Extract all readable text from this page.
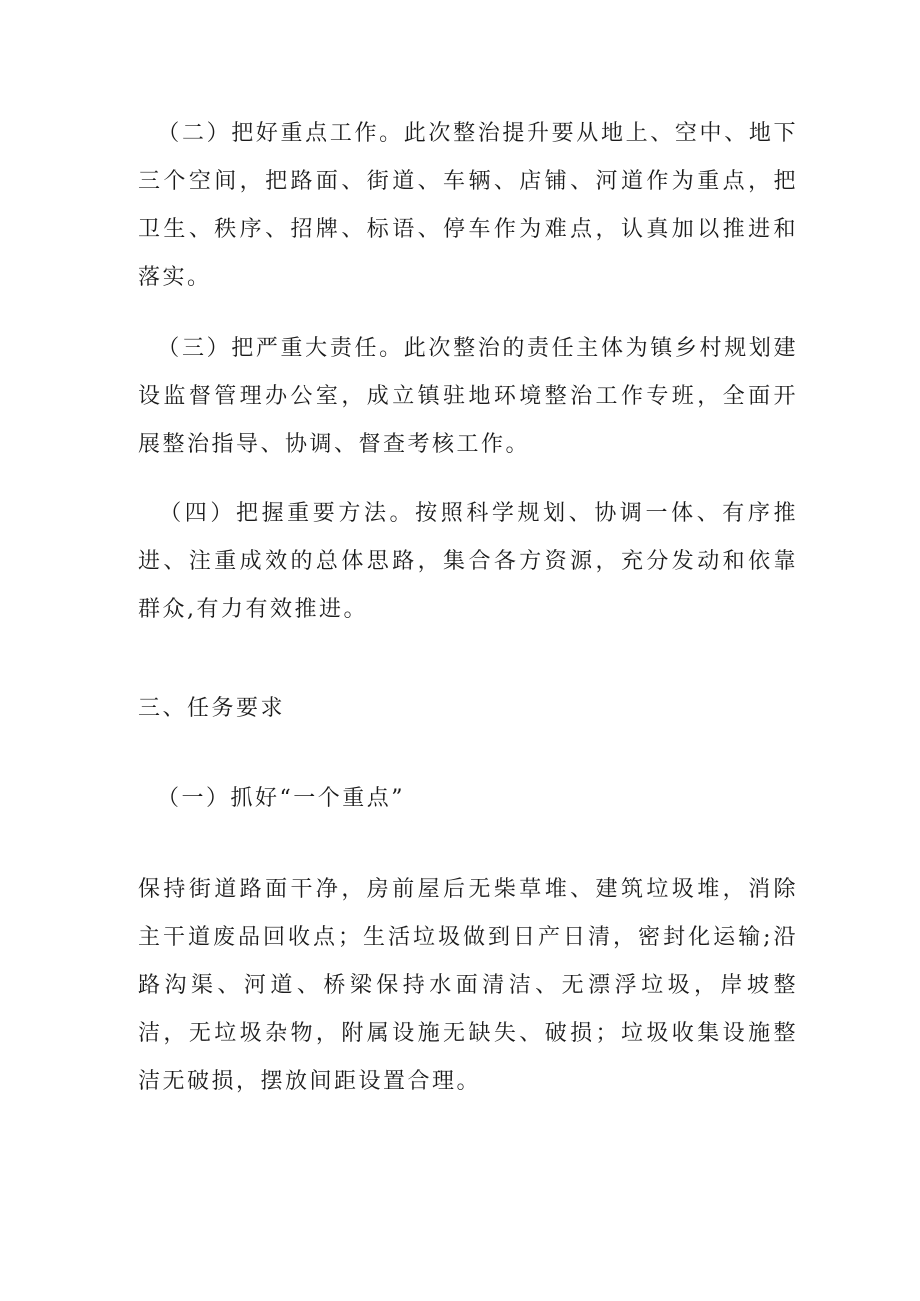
（二）把好重点工作。此次整治提升要从地上、空中、地下三个空间，把路面、街道、车辆、店铺、河道作为重点，把卫生、秩序、招牌、标语、停车作为难点，认真加以推进和落实。

（三）把严重大责任。此次整治的责任主体为镇乡村规划建设监督管理办公室，成立镇驻地环境整治工作专班，全面开展整治指导、协调、督查考核工作。

（四）把握重要方法。按照科学规划、协调一体、有序推进、注重成效的总体思路，集合各方资源，充分发动和依靠群众,有力有效推进。

三、任务要求

（一）抓好“一个重点”

保持街道路面干净，房前屋后无柴草堆、建筑垃圾堆，消除主干道废品回收点；生活垃圾做到日产日清，密封化运输;沿路沟渠、河道、桥梁保持水面清洁、无漂浮垃圾，岸坡整洁，无垃圾杂物，附属设施无缺失、破损；垃圾收集设施整洁无破损，摆放间距设置合理。
